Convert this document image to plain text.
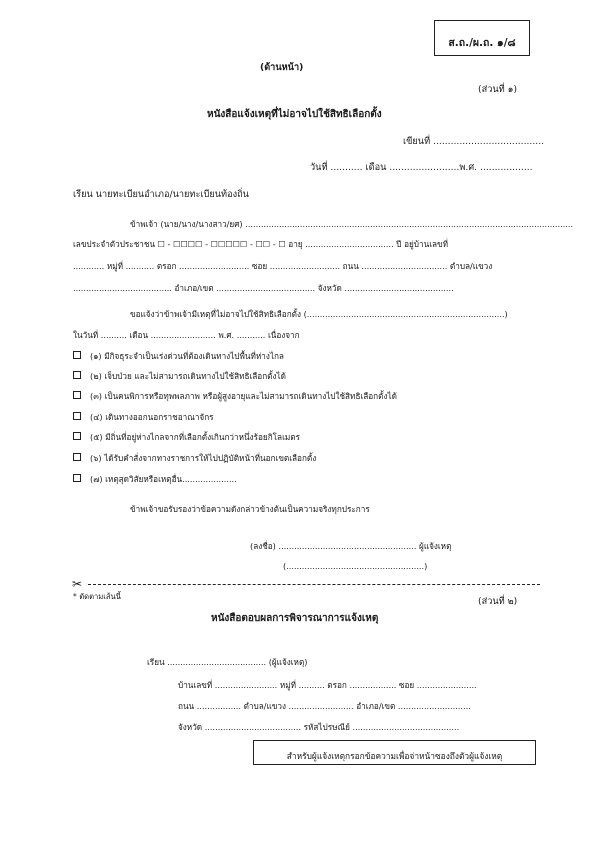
ส.ถ./ผ.ถ. ๑/๘
(ด้านหน้า)
(ส่วนที่ ๑)
หนังสือแจ้งเหตุที่ไม่อาจไปใช้สิทธิเลือกตั้ง
เขียนที่ ......................................
วันที่ ........... เดือน ........................พ.ศ. ..................
เรียน นายทะเบียนอำเภอ/นายทะเบียนท้องถิ่น
ข้าพเจ้า (นาย/นาง/นางสาว/ยศ) ..............................................................................................................................
เลขประจำตัวประชาชน ☐ - ☐☐☐☐ - ☐☐☐☐☐ - ☐☐ - ☐ อายุ .................................. ปี อยู่บ้านเลขที่
............ หมู่ที่ ........... ตรอก ........................... ซอย ........................... ถนน ................................. ตำบล/แขวง
...................................... อำเภอ/เขต ...................................... จังหวัด ..........................................
ขอแจ้งว่าข้าพเจ้ามีเหตุที่ไม่อาจไปใช้สิทธิเลือกตั้ง (............................................................................)
ในวันที่ .......... เดือน ......................... พ.ศ. ........... เนื่องจาก
(๑) มีกิจธุระจำเป็นเร่งด่วนที่ต้องเดินทางไปพื้นที่ห่างไกล
(๒) เจ็บป่วย และไม่สามารถเดินทางไปใช้สิทธิเลือกตั้งได้
(๓) เป็นคนพิการหรือทุพพลภาพ หรือผู้สูงอายุและไม่สามารถเดินทางไปใช้สิทธิเลือกตั้งได้
(๔) เดินทางออกนอกราชอาณาจักร
(๕) มีถิ่นที่อยู่ห่างไกลจากที่เลือกตั้งเกินกว่าหนึ่งร้อยกิโลเมตร
(๖) ได้รับคำสั่งจากทางราชการให้ไปปฏิบัติหน้าที่นอกเขตเลือกตั้ง
(๗) เหตุสุดวิสัยหรือเหตุอื่น.....................
ข้าพเจ้าขอรับรองว่าข้อความดังกล่าวข้างต้นเป็นความจริงทุกประการ
(ลงชื่อ) ..................................................... ผู้แจ้งเหตุ
(.....................................................)
✂
* ตัดตามเส้นนี้	(ส่วนที่ ๒)
หนังสือตอบผลการพิจารณาการแจ้งเหตุ
เรียน ...................................... (ผู้แจ้งเหตุ)
บ้านเลขที่ ........................ หมู่ที่ .......... ตรอก .................. ซอย .......................
ถนน ................. ตำบล/แขวง ......................... อำเภอ/เขต ............................
จังหวัด ..................................... รหัสไปรษณีย์ .........................................
สำหรับผู้แจ้งเหตุกรอกข้อความเพื่อจ่าหน้าซองถึงตัวผู้แจ้งเหตุ
